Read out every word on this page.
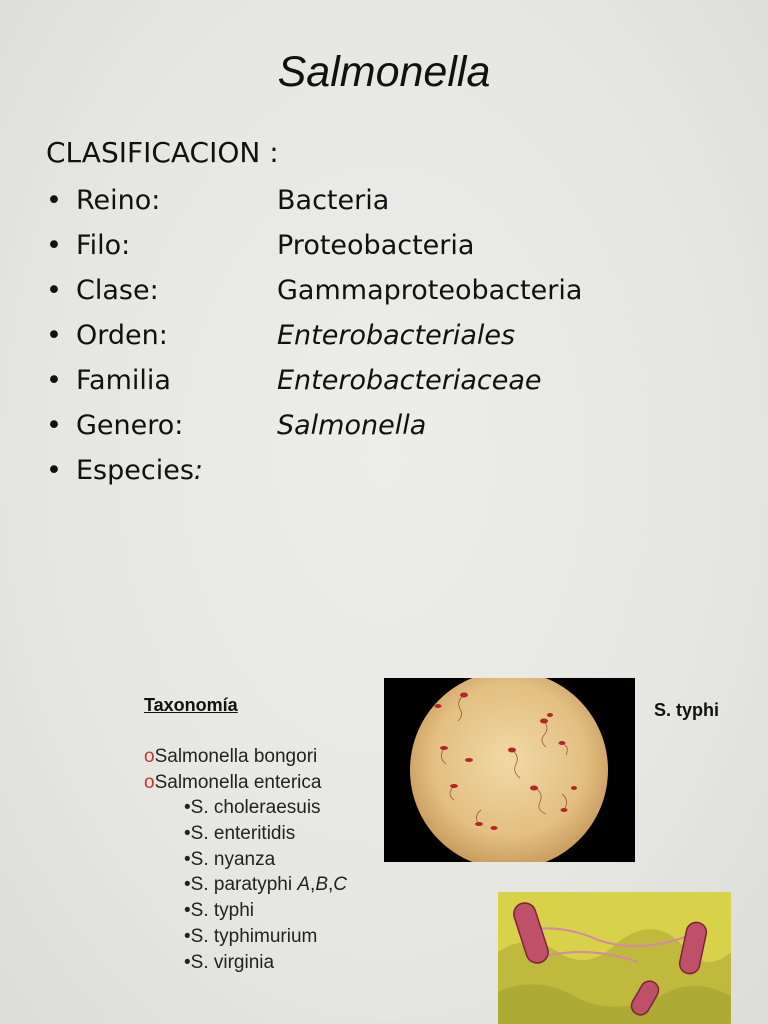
Salmonella
CLASIFICACION :
• Reino:	Bacteria
• Filo:	Proteobacteria
• Clase:	Gammaproteobacteria
• Orden:	Enterobacteriales
• Familia	Enterobacteriaceae
• Genero:	Salmonella
• Especies:
Taxonomía
oSalmonella bongori
oSalmonella enterica
•S. choleraesuis
•S. enteritidis
•S. nyanza
•S. paratyphi A,B,C
•S. typhi
•S. typhimurium
•S. virginia
S. typhi
